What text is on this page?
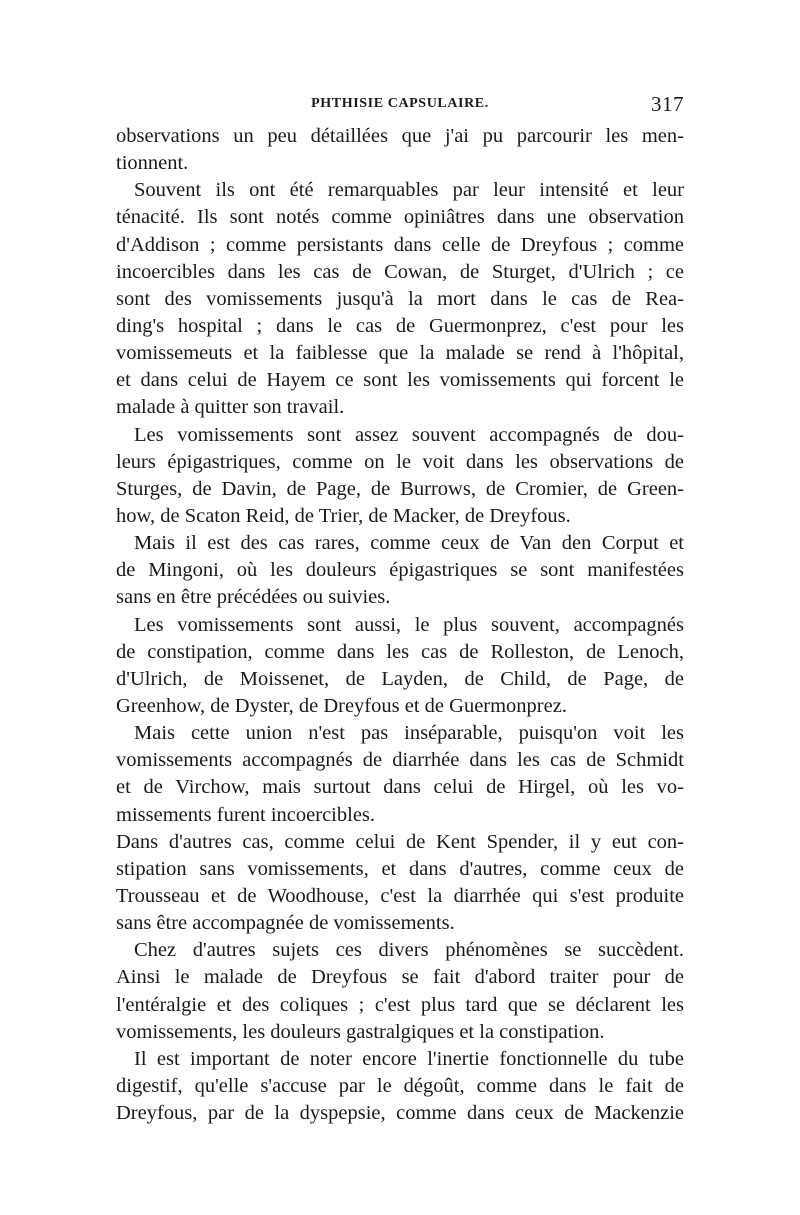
PHTHISIE CAPSULAIRE.	317
observations un peu détaillées que j'ai pu parcourir les men-
tionnent.
Souvent ils ont été remarquables par leur intensité et leur
ténacité. Ils sont notés comme opiniâtres dans une observation
d'Addison ; comme persistants dans celle de Dreyfous ; comme
incoercibles dans les cas de Cowan, de Sturget, d'Ulrich ; ce
sont des vomissements jusqu'à la mort dans le cas de Rea-
ding's hospital ; dans le cas de Guermonprez, c'est pour les
vomissemeuts et la faiblesse que la malade se rend à l'hôpital,
et dans celui de Hayem ce sont les vomissements qui forcent le
malade à quitter son travail.
Les vomissements sont assez souvent accompagnés de dou-
leurs épigastriques, comme on le voit dans les observations de
Sturges, de Davin, de Page, de Burrows, de Cromier, de Green-
how, de Scaton Reid, de Trier, de Macker, de Dreyfous.
Mais il est des cas rares, comme ceux de Van den Corput et
de Mingoni, où les douleurs épigastriques se sont manifestées
sans en être précédées ou suivies.
Les vomissements sont aussi, le plus souvent, accompagnés
de constipation, comme dans les cas de Rolleston, de Lenoch,
d'Ulrich, de Moissenet, de Layden, de Child, de Page, de
Greenhow, de Dyster, de Dreyfous et de Guermonprez.
Mais cette union n'est pas inséparable, puisqu'on voit les
vomissements accompagnés de diarrhée dans les cas de Schmidt
et de Virchow, mais surtout dans celui de Hirgel, où les vo-
missements furent incoercibles.
Dans d'autres cas, comme celui de Kent Spender, il y eut con-
stipation sans vomissements, et dans d'autres, comme ceux de
Trousseau et de Woodhouse, c'est la diarrhée qui s'est produite
sans être accompagnée de vomissements.
Chez d'autres sujets ces divers phénomènes se succèdent.
Ainsi le malade de Dreyfous se fait d'abord traiter pour de
l'entéralgie et des coliques ; c'est plus tard que se déclarent les
vomissements, les douleurs gastralgiques et la constipation.
Il est important de noter encore l'inertie fonctionnelle du tube
digestif, qu'elle s'accuse par le dégoût, comme dans le fait de
Dreyfous, par de la dyspepsie, comme dans ceux de Mackenzie
